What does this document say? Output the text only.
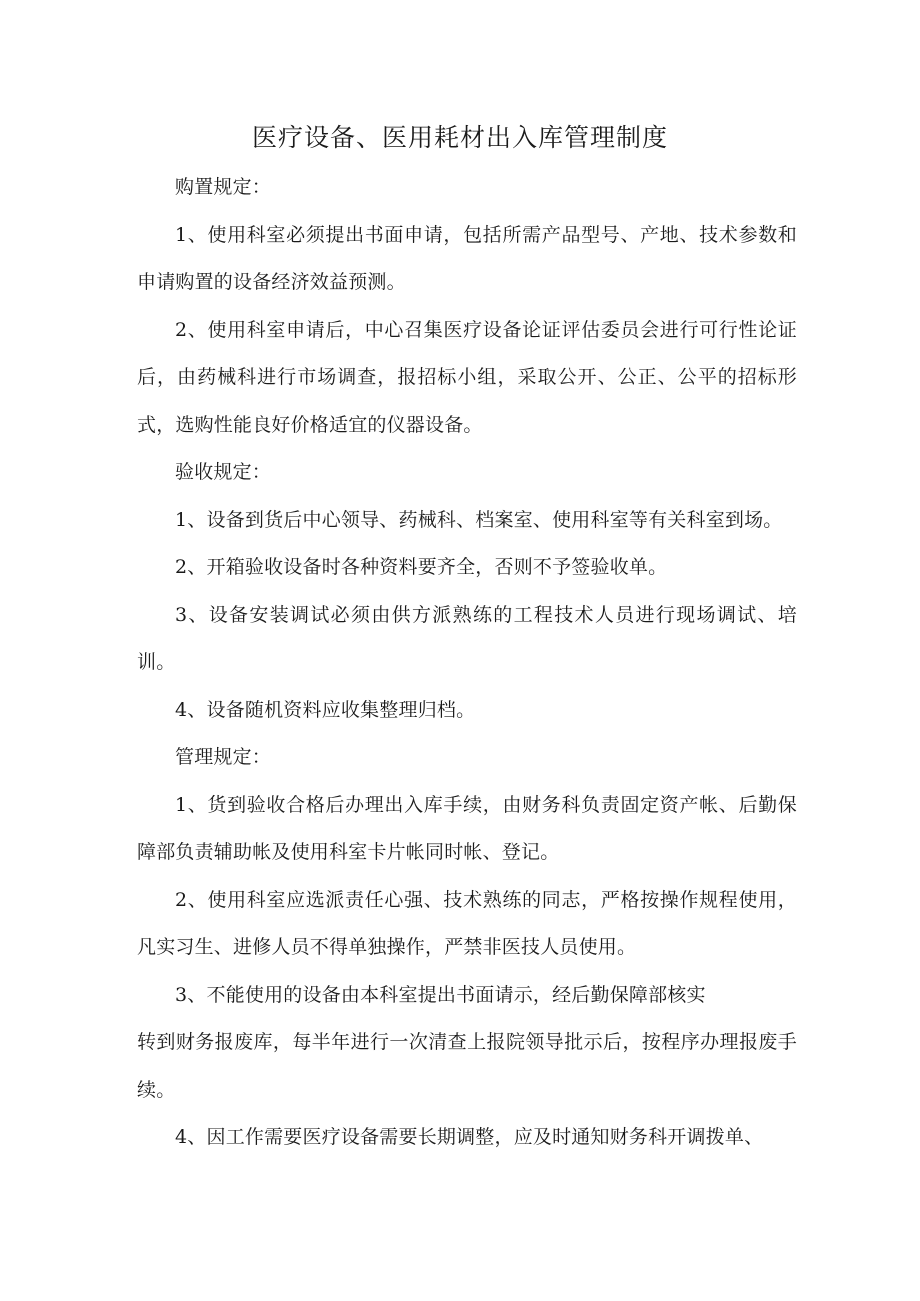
医疗设备、医用耗材出入库管理制度

购置规定：

1、使用科室必须提出书面申请，包括所需产品型号、产地、技术参数和申请购置的设备经济效益预测。

2、使用科室申请后，中心召集医疗设备论证评估委员会进行可行性论证后，由药械科进行市场调查，报招标小组，采取公开、公正、公平的招标形式，选购性能良好价格适宜的仪器设备。

验收规定：

1、设备到货后中心领导、药械科、档案室、使用科室等有关科室到场。

2、开箱验收设备时各种资料要齐全，否则不予签验收单。

3、设备安装调试必须由供方派熟练的工程技术人员进行现场调试、培训。

4、设备随机资料应收集整理归档。

管理规定：

1、货到验收合格后办理出入库手续，由财务科负责固定资产帐、后勤保障部负责辅助帐及使用科室卡片帐同时帐、登记。

2、使用科室应选派责任心强、技术熟练的同志，严格按操作规程使用，凡实习生、进修人员不得单独操作，严禁非医技人员使用。

3、不能使用的设备由本科室提出书面请示，经后勤保障部核实

转到财务报废库，每半年进行一次清查上报院领导批示后，按程序办理报废手续。

4、因工作需要医疗设备需要长期调整，应及时通知财务科开调拨单、
